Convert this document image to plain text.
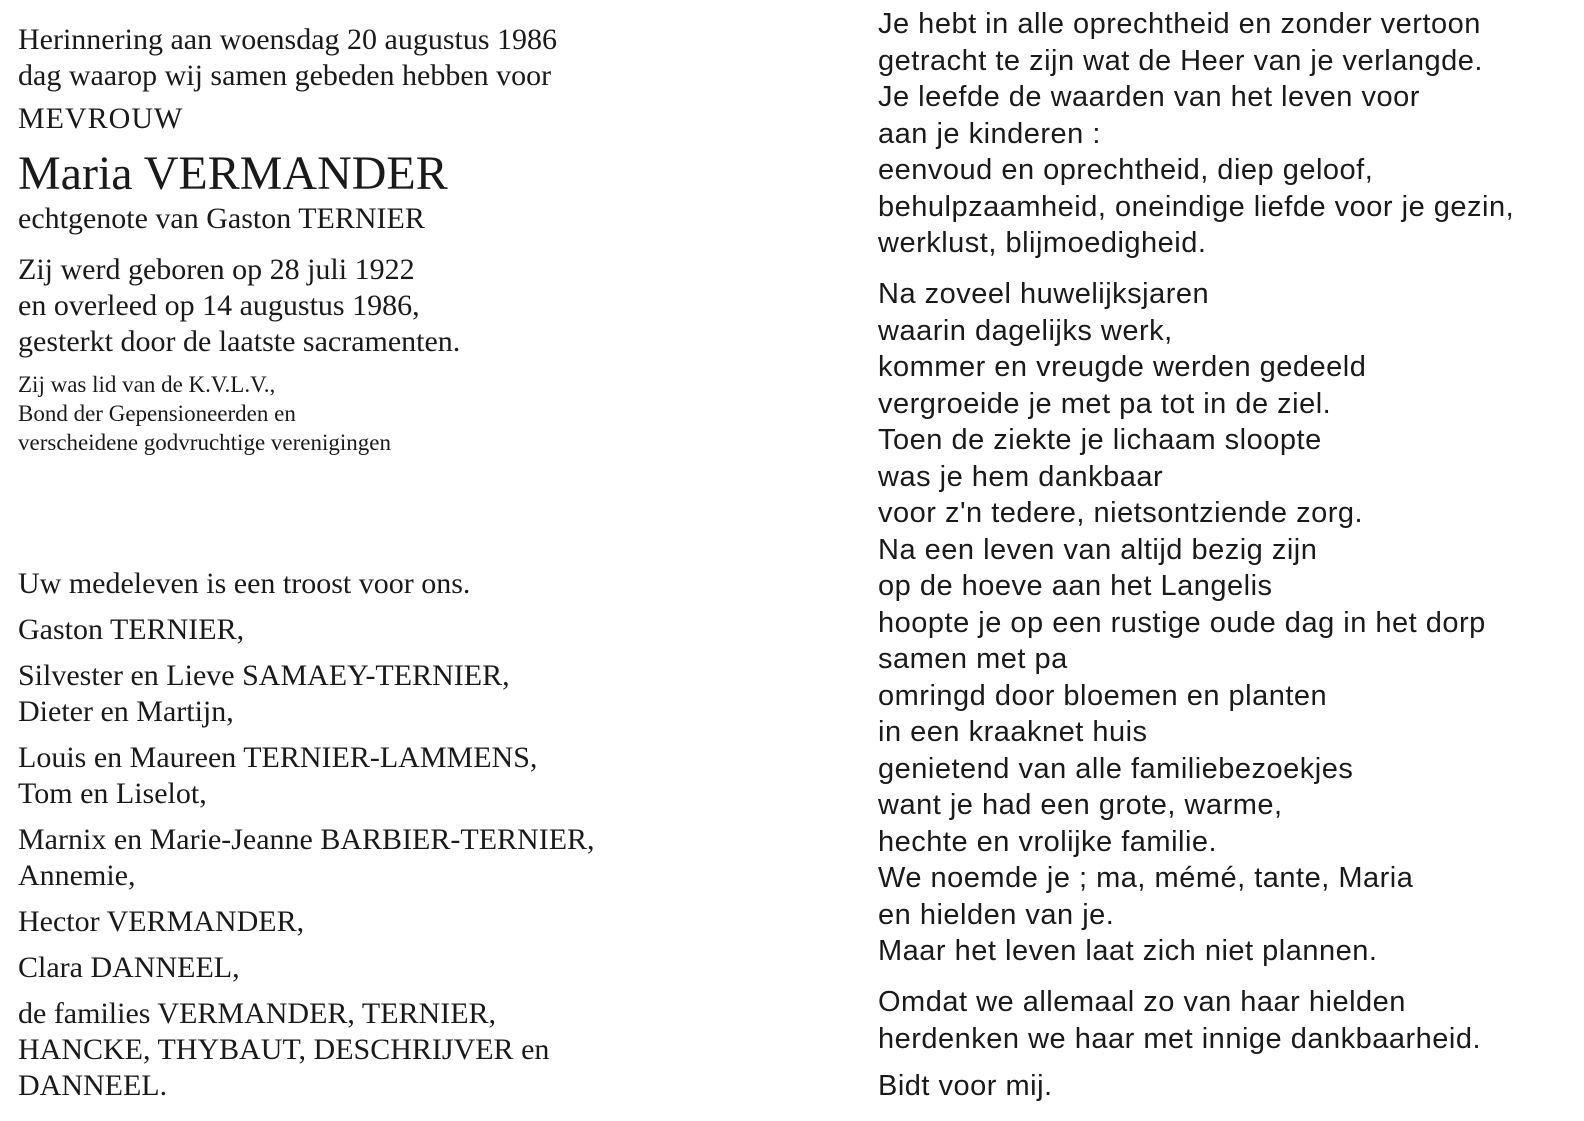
Herinnering aan woensdag 20 augustus 1986
dag waarop wij samen gebeden hebben voor
MEVROUW
Maria VERMANDER
echtgenote van Gaston TERNIER
Zij werd geboren op 28 juli 1922
en overleed op 14 augustus 1986,
gesterkt door de laatste sacramenten.
Zij was lid van de K.V.L.V.,
Bond der Gepensioneerden en
verscheidene godvruchtige verenigingen
Uw medeleven is een troost voor ons.
Gaston TERNIER,
Silvester en Lieve SAMAEY-TERNIER,
Dieter en Martijn,
Louis en Maureen TERNIER-LAMMENS,
Tom en Liselot,
Marnix en Marie-Jeanne BARBIER-TERNIER,
Annemie,
Hector VERMANDER,
Clara DANNEEL,
de families VERMANDER, TERNIER,
HANCKE, THYBAUT, DESCHRIJVER en
DANNEEL.
Je hebt in alle oprechtheid en zonder vertoon
getracht te zijn wat de Heer van je verlangde.
Je leefde de waarden van het leven voor
aan je kinderen :
eenvoud en oprechtheid, diep geloof,
behulpzaamheid, oneindige liefde voor je gezin,
werklust, blijmoedigheid.
Na zoveel huwelijksjaren
waarin dagelijks werk,
kommer en vreugde werden gedeeld
vergroeide je met pa tot in de ziel.
Toen de ziekte je lichaam sloopte
was je hem dankbaar
voor z'n tedere, nietsontziende zorg.
Na een leven van altijd bezig zijn
op de hoeve aan het Langelis
hoopte je op een rustige oude dag in het dorp
samen met pa
omringd door bloemen en planten
in een kraaknet huis
genietend van alle familiebezoekjes
want je had een grote, warme,
hechte en vrolijke familie.
We noemde je ; ma, mémé, tante, Maria
en hielden van je.
Maar het leven laat zich niet plannen.
Omdat we allemaal zo van haar hielden
herdenken we haar met innige dankbaarheid.
Bidt voor mij.
